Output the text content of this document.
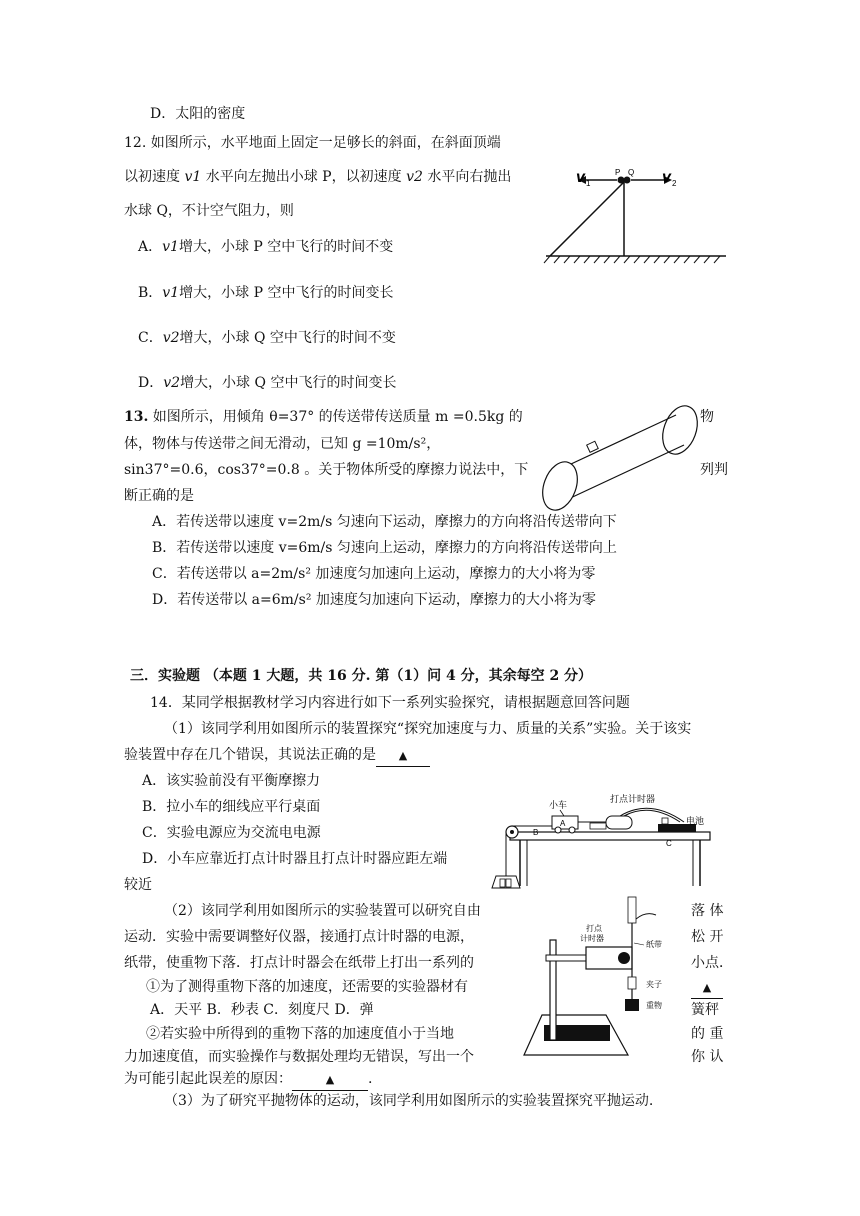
D．太阳的密度
12. 如图所示，水平地面上固定一足够长的斜面，在斜面顶端
以初速度 v1 水平向左抛出小球 P，以初速度 v2 水平向右抛出
水球 Q，不计空气阻力，则
A．v1增大，小球 P 空中飞行的时间不变
B．v1增大，小球 P 空中飞行的时间变长
C．v2增大，小球 Q 空中飞行的时间不变
D．v2增大，小球 Q 空中飞行的时间变长
v 1	v 2
P Q
13. 如图所示，用倾角 θ=37° 的传送带传送质量 m =0.5kg 的	物
体，物体与传送带之间无滑动，已知 g =10m/s²，
sin37°=0.6，cos37°=0.8 。关于物体所受的摩擦力说法中，下	列判
断正确的是
A．若传送带以速度 v=2m/s 匀速向下运动，摩擦力的方向将沿传送带向下
B．若传送带以速度 v=6m/s 匀速向上运动，摩擦力的方向将沿传送带向上
C．若传送带以 a=2m/s² 加速度匀加速向上运动，摩擦力的大小将为零
D．若传送带以 a=6m/s² 加速度匀加速向下运动，摩擦力的大小将为零
三．实验题 （本题 1 大题，共 16 分. 第（1）问 4 分，其余每空 2 分）
14．某同学根据教材学习内容进行如下一系列实验探究，请根据题意回答问题
（1）该同学利用如图所示的装置探究“探究加速度与力、质量的关系”实验。关于该实
验装置中存在几个错误，其说法正确的是 ▲
A．该实验前没有平衡摩擦力
B．拉小车的细线应平行桌面
C．实验电源应为交流电电源
D．小车应靠近打点计时器且打点计时器应距左端
较近
A
B
小车
打点计时器
电池
C
（2）该同学利用如图所示的实验装置可以研究自由	落 体
运动．实验中需要调整好仪器，接通打点计时器的电源，	松 开
纸带，使重物下落．打点计时器会在纸带上打出一系列的	小点．
①为了测得重物下落的加速度，还需要的实验器材有	▲
A．天平 B．秒表 C．刻度尺 D．弹	簧秤
②若实验中所得到的重物下落的加速度值小于当地	的 重
力加速度值，而实验操作与数据处理均无错误，写出一个	你 认
为可能引起此误差的原因：	▲ .
打点
计时器
纸带
夹子
重物
（3）为了研究平抛物体的运动，该同学利用如图所示的实验装置探究平抛运动.
